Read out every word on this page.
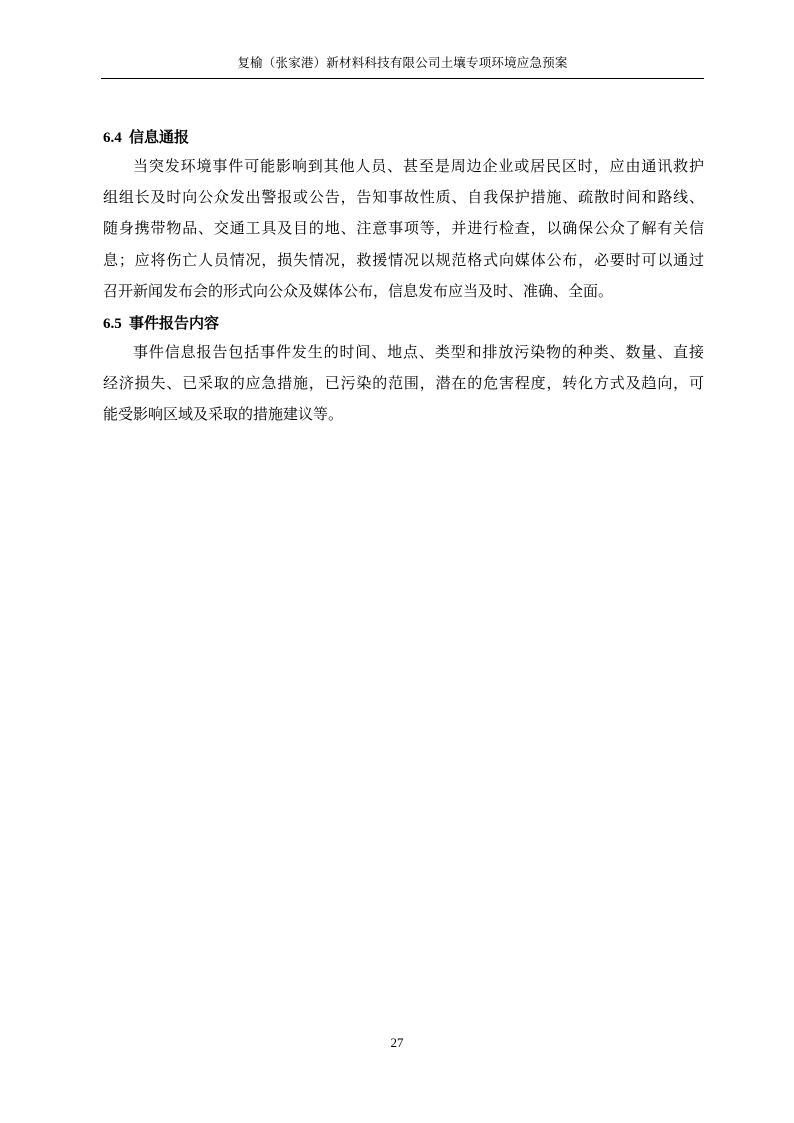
复榆（张家港）新材料科技有限公司土壤专项环境应急预案
6.4 信息通报
当突发环境事件可能影响到其他人员、甚至是周边企业或居民区时，应由通讯救护
组组长及时向公众发出警报或公告，告知事故性质、自我保护措施、疏散时间和路线、
随身携带物品、交通工具及目的地、注意事项等，并进行检查，以确保公众了解有关信
息；应将伤亡人员情况，损失情况，救援情况以规范格式向媒体公布，必要时可以通过
召开新闻发布会的形式向公众及媒体公布，信息发布应当及时、准确、全面。
6.5 事件报告内容
事件信息报告包括事件发生的时间、地点、类型和排放污染物的种类、数量、直接
经济损失、已采取的应急措施，已污染的范围，潜在的危害程度，转化方式及趋向，可
能受影响区域及采取的措施建议等。
27
